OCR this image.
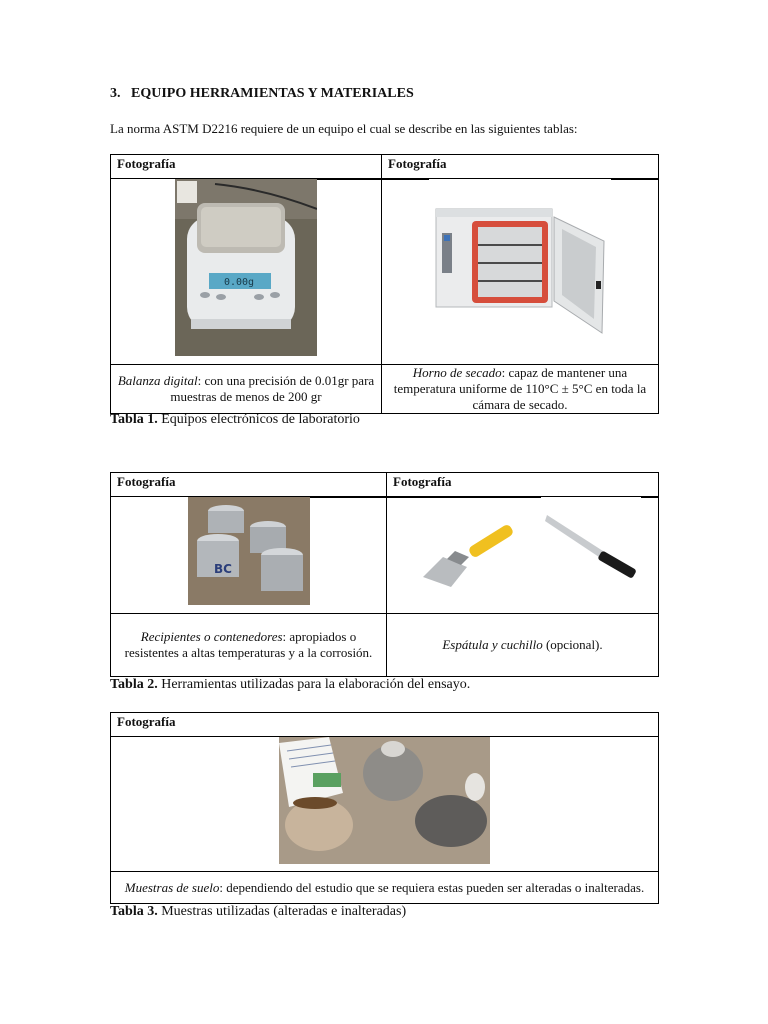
3. EQUIPO HERRAMIENTAS Y MATERIALES
La norma ASTM D2216 requiere de un equipo el cual se describe en las siguientes tablas:
Fotografía	Fotografía

0.00g

Balanza digital: con una precisión de 0.01gr para muestras de menos de 200 gr	Horno de secado: capaz de mantener una temperatura uniforme de 110°C ± 5°C en toda la cámara de secado.
Tabla 1. Equipos electrónicos de laboratorio
Fotografía	Fotografía

BC

Recipientes o contenedores: apropiados o resistentes a altas temperaturas y a la corrosión.	Espátula y cuchillo (opcional).
Tabla 2. Herramientas utilizadas para la elaboración del ensayo.
Fotografía

Muestras de suelo: dependiendo del estudio que se requiera estas pueden ser alteradas o inalteradas.
Tabla 3. Muestras utilizadas (alteradas e inalteradas)
